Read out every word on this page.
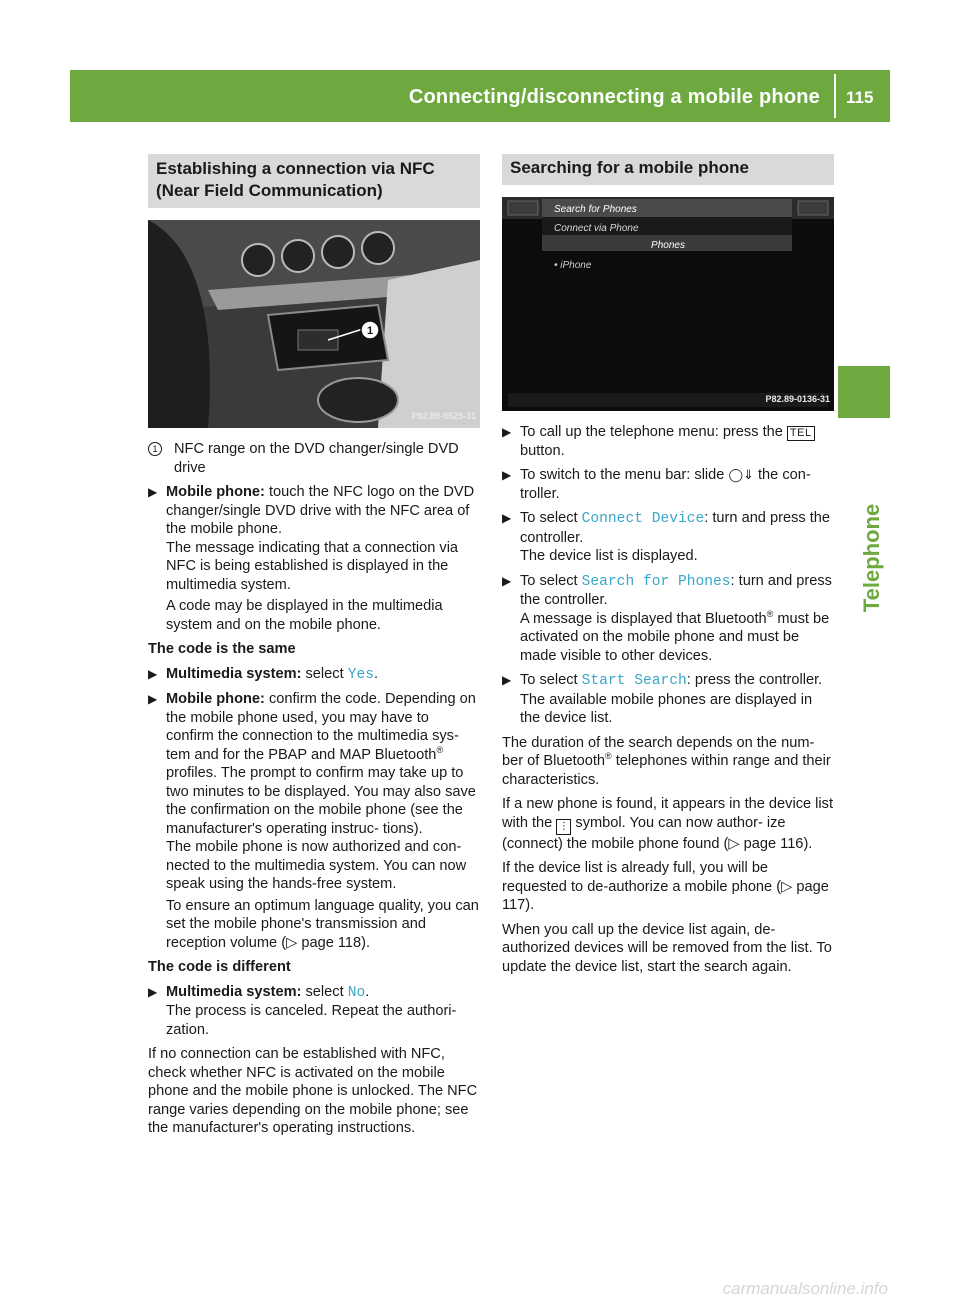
Connecting/disconnecting a mobile phone 115
Telephone
Establishing a connection via NFC (Near Field Communication)
1
P82.89-0525-31

1 NFC range on the DVD changer/single DVD drive

▶ Mobile phone: touch the NFC logo on the DVD changer/single DVD drive with the NFC area of the mobile phone.
The message indicating that a connection via NFC is being established is displayed in the multimedia system.

A code may be displayed in the multimedia system and on the mobile phone.

The code is the same
▶ Multimedia system: select Yes.
▶ Mobile phone: confirm the code. Depending on the mobile phone used, you may have to confirm the connection to the multimedia sys- tem and for the PBAP and MAP Bluetooth® profiles. The prompt to confirm may take up to two minutes to be displayed. You may also save the confirmation on the mobile phone (see the manufacturer's operating instruc- tions).
The mobile phone is now authorized and con- nected to the multimedia system. You can now speak using the hands-free system.

To ensure an optimum language quality, you can set the mobile phone's transmission and reception volume (▷ page 118).

The code is different
▶ Multimedia system: select No.
The process is canceled. Repeat the authori- zation.

If no connection can be established with NFC, check whether NFC is activated on the mobile phone and the mobile phone is unlocked. The NFC range varies depending on the mobile phone; see the manufacturer's operating instructions.

Searching for a mobile phone
Search for Phones
Connect via Phone
Phones
• iPhone
P82.89-0136-31
▶ To call up the telephone menu: press the TEL button.
▶ To switch to the menu bar: slide ◯⇓ the con- troller.
▶ To select Connect Device: turn and press the controller.
The device list is displayed.
▶ To select Search for Phones: turn and press the controller.
A message is displayed that Bluetooth® must be activated on the mobile phone and must be made visible to other devices.
▶ To select Start Search: press the controller.
The available mobile phones are displayed in the device list.

The duration of the search depends on the num- ber of Bluetooth® telephones within range and their characteristics.

If a new phone is found, it appears in the device list with the ⋮ symbol. You can now author- ize (connect) the mobile phone found (▷ page 116).

If the device list is already full, you will be requested to de-authorize a mobile phone (▷ page 117).

When you call up the device list again, de- authorized devices will be removed from the list. To update the device list, start the search again.

carmanualsonline.info
